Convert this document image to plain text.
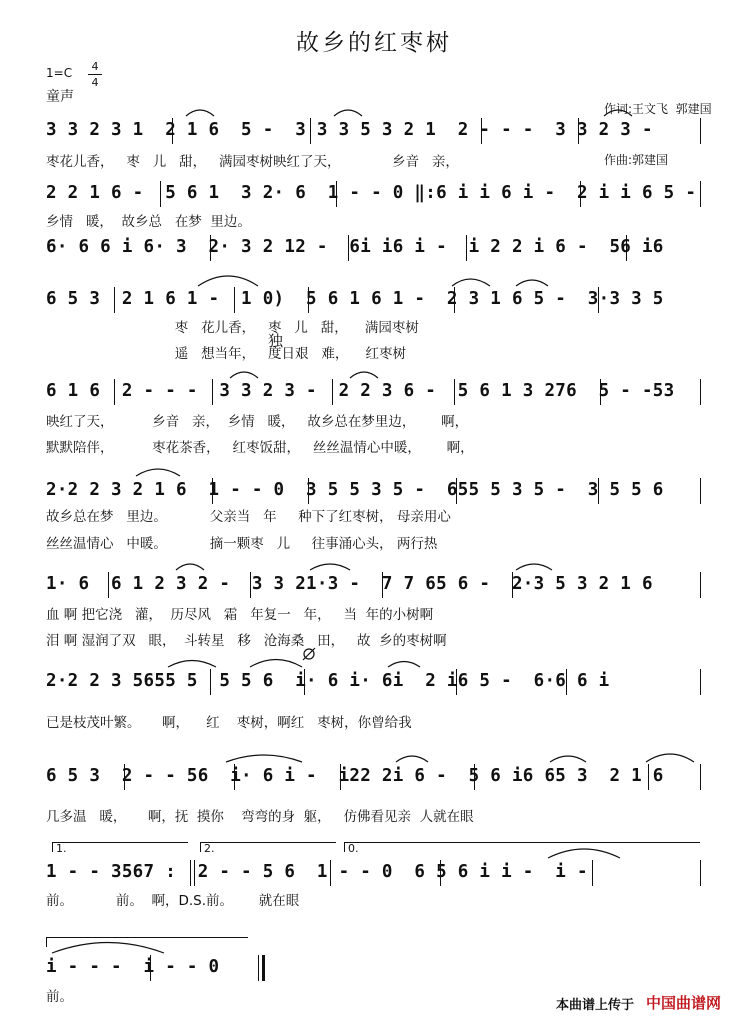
故乡的红枣树
1=C	4
4
童声

作词:王文飞  郭建国

作曲:郭建国

3 3 2 3 1  2 1 6  5 -  3 3 3 5 3 2 1  2 - - -  3 3 2 3 -
枣花儿香，   枣   儿   甜，   满园枣树映红了天，            乡音   亲，
2 2 1 6 -  5 6 1  3 2· 6  1 - - 0 ‖:6 i i 6 i -  2 i i 6 5 -
乡情   暖，  故乡总   在梦  里边。
6· 6 6 i 6· 3  2· 3 2 12 -  6i i6 i -  i 2 2 i 6 -  56 i6
6 5 3  2 1 6 1 -  1 0)  5 6 1 6 1 -  2 3 1 6 5 -  3·3 3 5
枣   花儿香，   枣   儿   甜，    满园枣树
遥   想当年，   度日艰   难，    红枣树
独
6 1 6  2 - - -  3 3 2 3 -  2 2 3 6 -  5 6 1 3 276  5 - -53
映红了天，         乡音   亲，  乡情   暖，   故乡总在梦里边，      啊，
默默陪伴，         枣花茶香，   红枣饭甜，   丝丝温情心中暖，      啊，
2·2 2 3 2 1 6  1 - - 0  3 5 5 3 5 -  655 5 3 5 -  3 5 5 6
故乡总在梦   里边。          父亲当   年     种下了红枣树， 母亲用心
丝丝温情心   中暖。          摘一颗枣   儿     往事涌心头， 两行热
1· 6  6 1 2 3 2 -  3 3 21·3 -  7 7 65 6 -  2·3 5 3 2 1 6
血 啊 把它浇   灌，  历尽风   霜   年复一   年，   当  年的小树啊
泪 啊 湿润了双   眼，  斗转星   移   沧海桑   田，   故  乡的枣树啊
2·2 2 3 5655 5  5 5 6  i· 6 i· 6i  2 i6 5 -  6·6 6 i
已是枝茂叶繁。     啊，    红    枣树，啊红   枣树，你曾给我
6 5 3  2 - - 56  i· 6 i -  i22 2i 6 -  5 6 i6 65 3  2 1 6
几多温   暖，     啊，抚  摸你    弯弯的身  躯，   仿佛看见亲  人就在眼
1.	2.	0.
1 - - 3567 :  2 - - 5 6  1 - - 0  6 5 6 i i -  i -
前。          前。  啊，D.S.前。      就在眼
i - - -  i - - 0
前。
本曲谱上传于 中国曲谱网
